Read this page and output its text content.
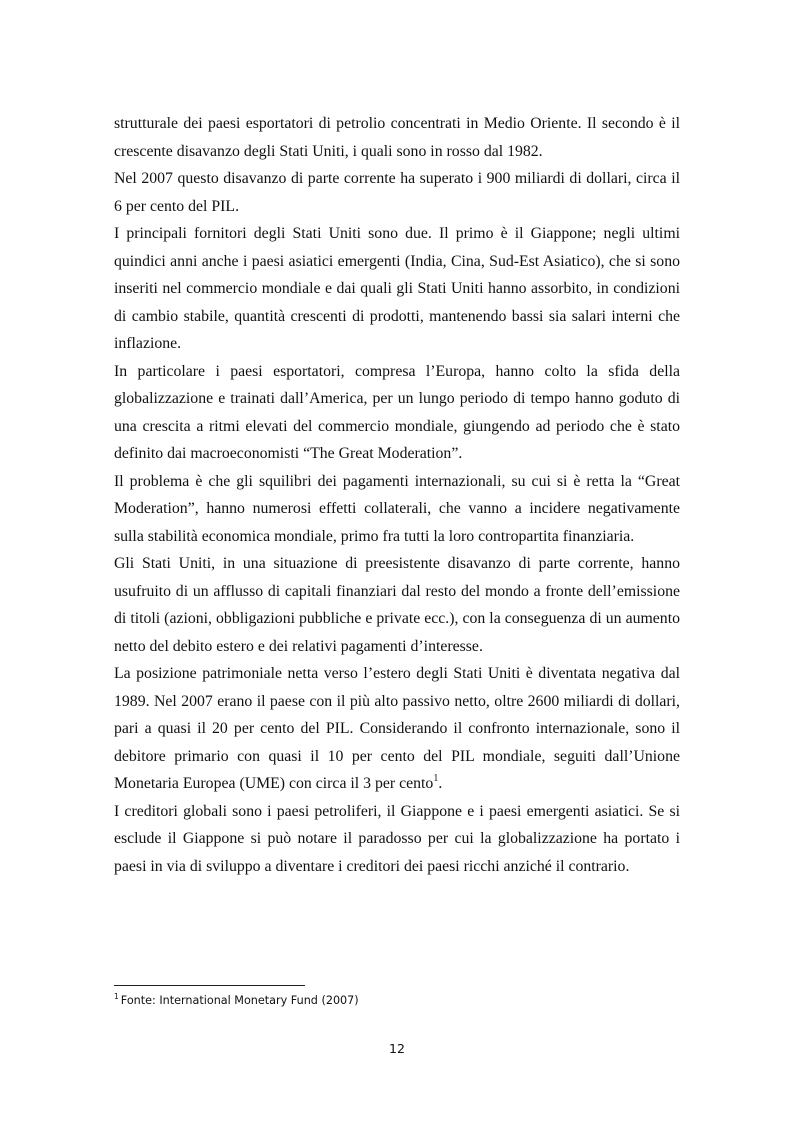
strutturale dei paesi esportatori di petrolio concentrati in Medio Oriente. Il secondo è il crescente disavanzo degli Stati Uniti, i quali sono in rosso dal 1982.

Nel 2007 questo disavanzo di parte corrente ha superato i 900 miliardi di dollari, circa il 6 per cento del PIL.

I principali fornitori degli Stati Uniti sono due. Il primo è il Giappone; negli ultimi quindici anni anche i paesi asiatici emergenti (India, Cina, Sud-Est Asiatico), che si sono inseriti nel commercio mondiale e dai quali gli Stati Uniti hanno assorbito, in condizioni di cambio stabile, quantità crescenti di prodotti, mantenendo bassi sia salari interni che inflazione.

In particolare i paesi esportatori, compresa l’Europa, hanno colto la sfida della globalizzazione e trainati dall’America, per un lungo periodo di tempo hanno goduto di una crescita a ritmi elevati del commercio mondiale, giungendo ad periodo che è stato definito dai macroeconomisti “The Great Moderation”.

Il problema è che gli squilibri dei pagamenti internazionali, su cui si è retta la “Great Moderation”, hanno numerosi effetti collaterali, che vanno a incidere negativamente sulla stabilità economica mondiale, primo fra tutti la loro contropartita finanziaria.

Gli Stati Uniti, in una situazione di preesistente disavanzo di parte corrente, hanno usufruito di un afflusso di capitali finanziari dal resto del mondo a fronte dell’emissione di titoli (azioni, obbligazioni pubbliche e private ecc.), con la conseguenza di un aumento netto del debito estero e dei relativi pagamenti d’interesse.

La posizione patrimoniale netta verso l’estero degli Stati Uniti è diventata negativa dal 1989. Nel 2007 erano il paese con il più alto passivo netto, oltre 2600 miliardi di dollari, pari a quasi il 20 per cento del PIL. Considerando il confronto internazionale, sono il debitore primario con quasi il 10 per cento del PIL mondiale, seguiti dall’Unione Monetaria Europea (UME) con circa il 3 per cento$^1$.

I creditori globali sono i paesi petroliferi, il Giappone e i paesi emergenti asiatici. Se si esclude il Giappone si può notare il paradosso per cui la globalizzazione ha portato i paesi in via di sviluppo a diventare i creditori dei paesi ricchi anziché il contrario.

$^1$ Fonte: International Monetary Fund (2007)
12
